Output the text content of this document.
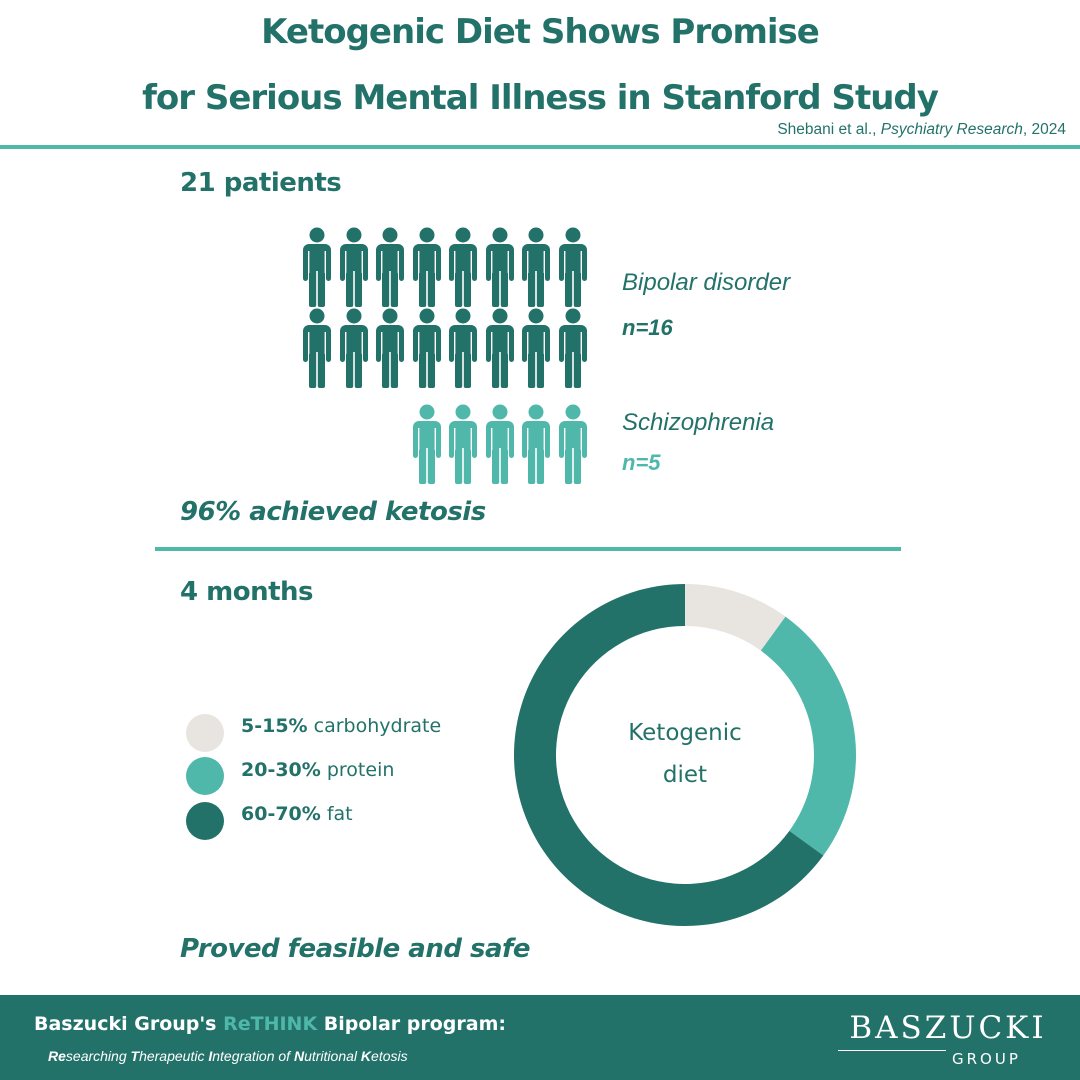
Ketogenic Diet Shows Promise
for Serious Mental Illness in Stanford Study
Shebani et al., Psychiatry Research, 2024
21 patients
Bipolar disorder
n=16
Schizophrenia
n=5
96% achieved ketosis
4 months
5-15% carbohydrate
20-30% protein
60-70% fat
Ketogenic
diet
Proved feasible and safe
Baszucki Group's ReTHINK Bipolar program:
Researching Therapeutic Integration of Nutritional Ketosis
BASZUCKI
GROUP
